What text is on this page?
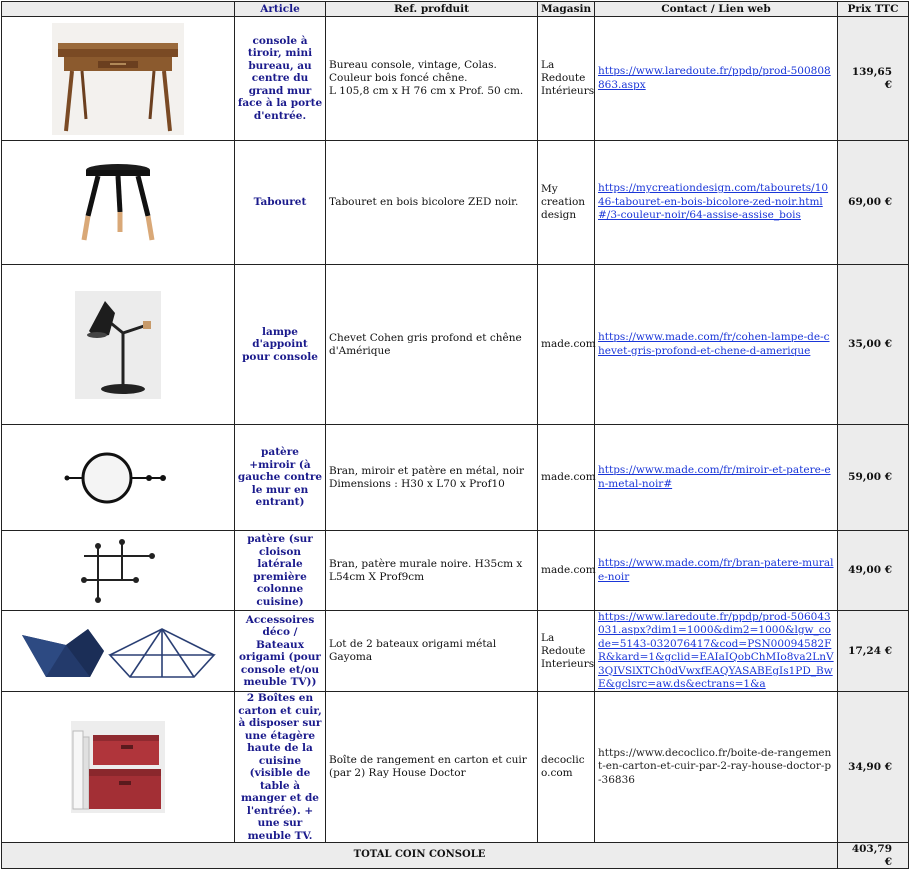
	Article	Ref. profduit	Magasin	Contact / Lien web	Prix TTC

	console à tiroir, mini bureau, au centre du grand mur face à la porte d'entrée.	Bureau console, vintage, Colas. Couleur bois foncé chêne.
L 105,8 cm x H 76 cm x Prof. 50 cm.	La Redoute Intérieurs	https://www.laredoute.fr/ppdp/prod-500808863.aspx	139,65 €

	Tabouret	Tabouret en bois bicolore ZED noir.	My creation design	https://mycreationdesign.com/tabourets/1046-tabouret-en-bois-bicolore-zed-noir.html#/3-couleur-noir/64-assise-assise_bois	69,00 €

	lampe d'appoint pour console	Chevet Cohen gris profond et chêne d'Amérique	made.com	https://www.made.com/fr/cohen-lampe-de-chevet-gris-profond-et-chene-d-amerique	35,00 €

	patère +miroir (à gauche contre le mur en entrant)	Bran, miroir et patère en métal, noir
Dimensions : H30 x L70 x Prof10	made.com	https://www.made.com/fr/miroir-et-patere-en-metal-noir#	59,00 €

	patère (sur cloison latérale première colonne cuisine)	Bran, patère murale noire. H35cm x L54cm X Prof9cm	made.com	https://www.made.com/fr/bran-patere-murale-noir	49,00 €

	Accessoires déco / Bateaux origami (pour console et/ou meuble TV))	Lot de 2 bateaux origami métal Gayoma	La Redoute Interieurs	https://www.laredoute.fr/ppdp/prod-506043031.aspx?dim1=1000&dim2=1000&lgw_code=5143-032076417&cod=PSN00094582FR&kard=1&gclid=EAIaIQobChMIo8va2LnV3QIVSlXTCh0dVwxfEAQYASABEgIs1PD_BwE&gclsrc=aw.ds&ectrans=1&a	17,24 €

	2 Boîtes en carton et cuir, à disposer sur une étagère haute de la cuisine (visible de table à manger et de l'entrée). + une sur meuble TV.	Boîte de rangement en carton et cuir (par 2) Ray House Doctor	decoclico.com	https://www.decoclico.fr/boite-de-rangement-en-carton-et-cuir-par-2-ray-house-doctor-p-36836	34,90 €
TOTAL COIN CONSOLE					403,79 €
